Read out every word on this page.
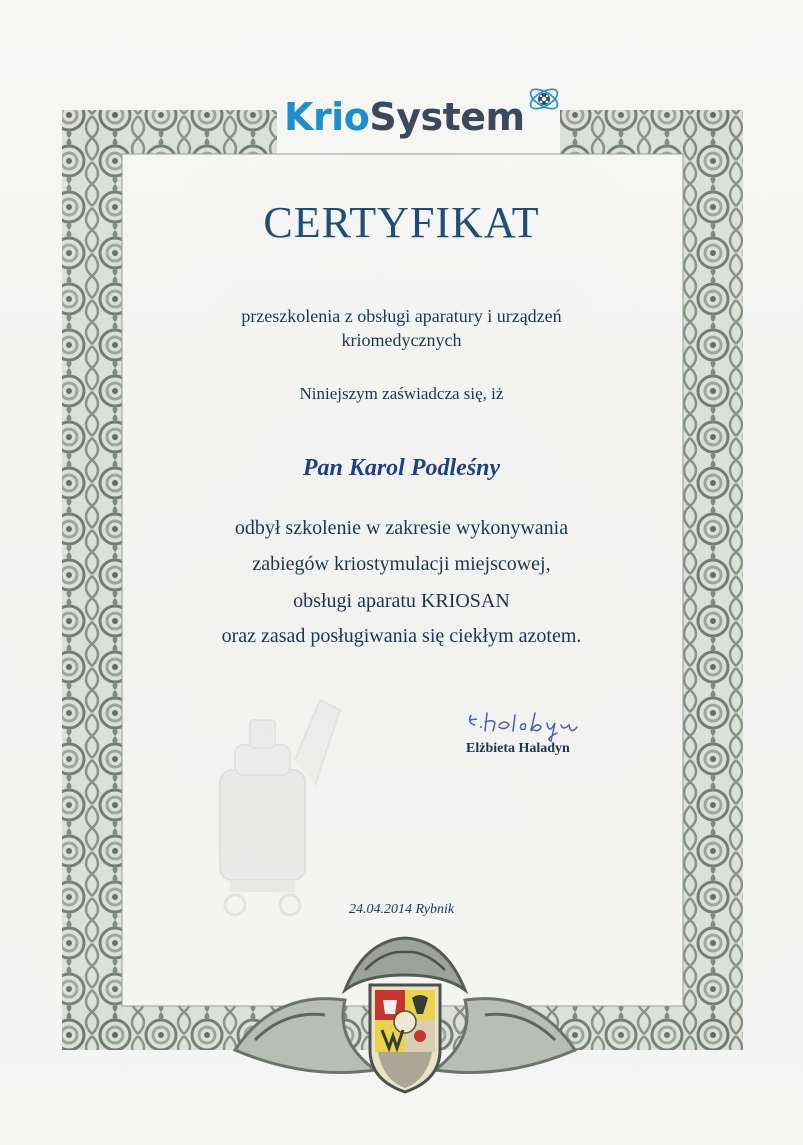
Krio System
CERTYFIKAT
przeszkolenia z obsługi aparatury i urządzeń
kriomedycznych
Niniejszym zaświadcza się, iż
Pan Karol Podleśny
odbył szkolenie w zakresie wykonywania
zabiegów kriostymulacji miejscowej,
obsługi aparatu KRIOSAN
oraz zasad posługiwania się ciekłym azotem.
Elżbieta Haladyn
24.04.2014 Rybnik
